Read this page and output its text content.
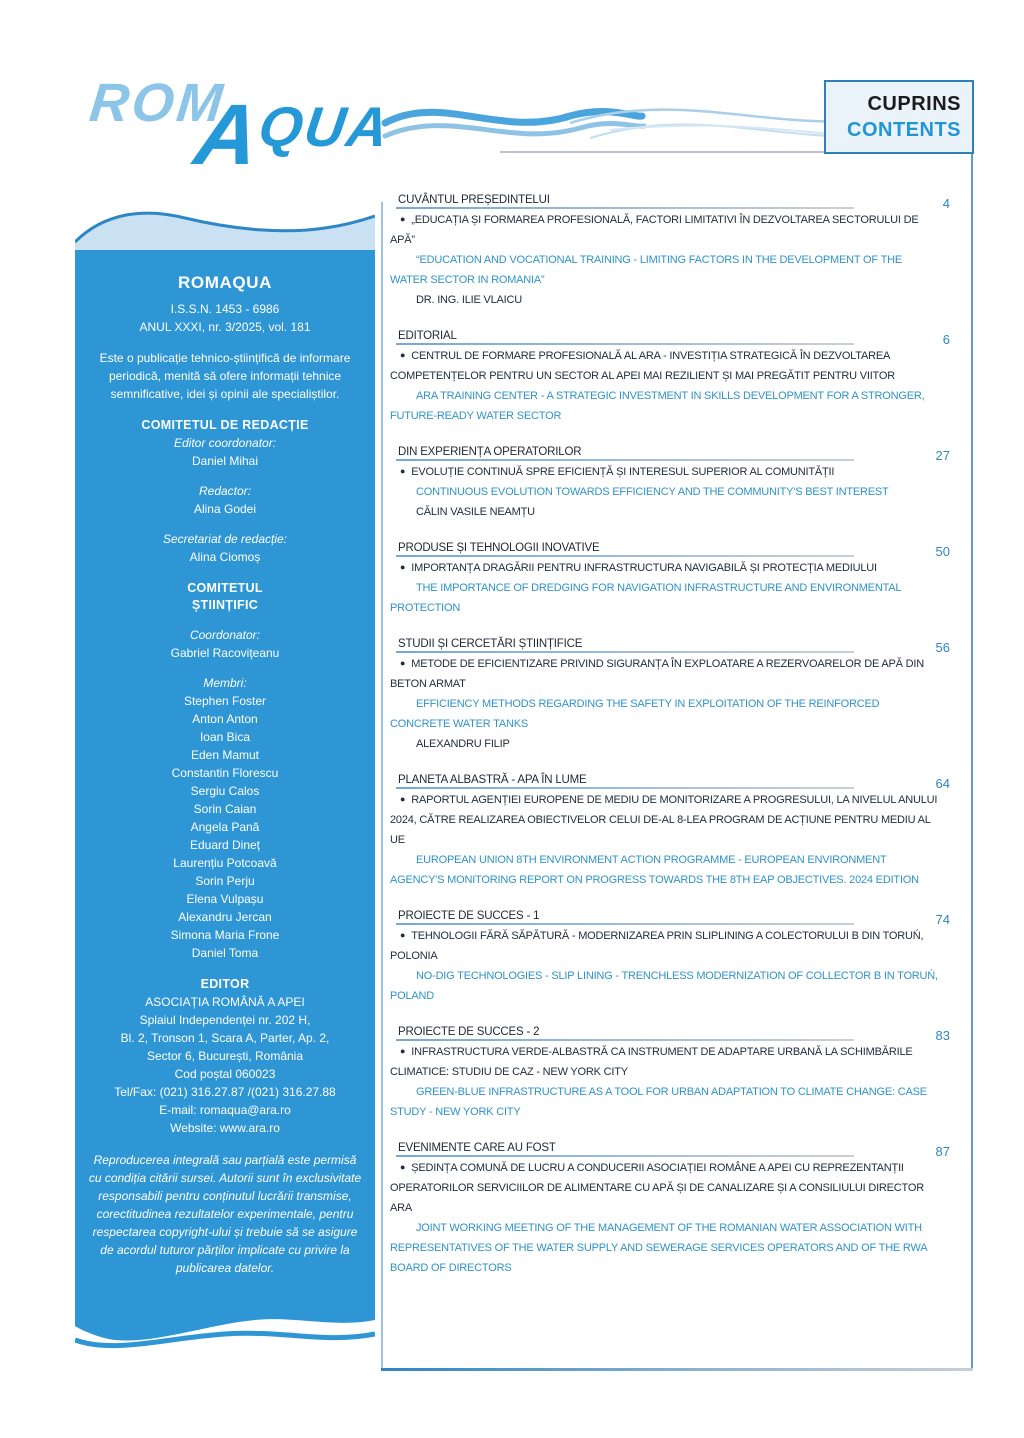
ROM
AQUA	CUPRINS
CONTENTS
ROMAQUA
I.S.S.N. 1453 - 6986
ANUL XXXI, nr. 3/2025, vol. 181
Este o publicație tehnico-științifică de informare periodică, menită să ofere informații tehnice semnificative, idei și opinii ale specialiștilor.
COMITETUL DE REDACȚIE
Editor coordonator:
Daniel Mihai
Redactor:
Alina Godei
Secretariat de redacție:
Alina Ciomoș
COMITETUL
ȘTIINȚIFIC
Coordonator:
Gabriel Racovițeanu
Membri:
Stephen Foster
Anton Anton
Ioan Bica
Eden Mamut
Constantin Florescu
Sergiu Calos
Sorin Caian
Angela Pană
Eduard Dineț
Laurențiu Potcoavă
Sorin Perju
Elena Vulpașu
Alexandru Jercan
Simona Maria Frone
Daniel Toma
EDITOR
ASOCIAȚIA ROMÂNĂ A APEI
Splaiul Independenței nr. 202 H,
Bl. 2, Tronson 1, Scara A, Parter, Ap. 2,
Sector 6, București, România
Cod poștal 060023
Tel/Fax: (021) 316.27.87 /(021) 316.27.88
E-mail: romaqua@ara.ro
Website: www.ara.ro
Reproducerea integrală sau parțială este permisă cu condiția citării sursei. Autorii sunt în exclusivitate responsabili pentru conținutul lucrării transmise, corectitudinea rezultatelor experimentale, pentru respectarea copyright-ului și trebuie să se asigure de acordul tuturor părților implicate cu privire la publicarea datelor.
CUVÂNTUL PREȘEDINTELUI	4

● „EDUCAȚIA ȘI FORMAREA PROFESIONALĂ, FACTORI LIMITATIVI ÎN DEZVOLTAREA SECTORULUI DE APĂ”

“EDUCATION AND VOCATIONAL TRAINING - LIMITING FACTORS IN THE DEVELOPMENT OF THE WATER SECTOR IN ROMANIA”

DR. ING. ILIE VLAICU

EDITORIAL	6

● CENTRUL DE FORMARE PROFESIONALĂ AL ARA - INVESTIȚIA STRATEGICĂ ÎN DEZVOLTAREA COMPETENȚELOR PENTRU UN SECTOR AL APEI MAI REZILIENT ȘI MAI PREGĂTIT PENTRU VIITOR

ARA TRAINING CENTER - A STRATEGIC INVESTMENT IN SKILLS DEVELOPMENT FOR A STRONGER, FUTURE-READY WATER SECTOR

DIN EXPERIENȚA OPERATORILOR	27

● EVOLUȚIE CONTINUĂ SPRE EFICIENȚĂ ȘI INTERESUL SUPERIOR AL COMUNITĂȚII

CONTINUOUS EVOLUTION TOWARDS EFFICIENCY AND THE COMMUNITY'S BEST INTEREST

CĂLIN VASILE NEAMȚU

PRODUSE ȘI TEHNOLOGII INOVATIVE	50

● IMPORTANȚA DRAGĂRII PENTRU INFRASTRUCTURA NAVIGABILĂ ȘI PROTECȚIA MEDIULUI

THE IMPORTANCE OF DREDGING FOR NAVIGATION INFRASTRUCTURE AND ENVIRONMENTAL PROTECTION

STUDII ȘI CERCETĂRI ȘTIINȚIFICE	56

● METODE DE EFICIENTIZARE PRIVIND SIGURANȚA ÎN EXPLOATARE A REZERVOARELOR DE APĂ DIN BETON ARMAT

EFFICIENCY METHODS REGARDING THE SAFETY IN EXPLOITATION OF THE REINFORCED CONCRETE WATER TANKS

ALEXANDRU FILIP

PLANETA ALBASTRĂ - APA ÎN LUME	64

● RAPORTUL AGENȚIEI EUROPENE DE MEDIU DE MONITORIZARE A PROGRESULUI, LA NIVELUL ANULUI 2024, CĂTRE REALIZAREA OBIECTIVELOR CELUI DE-AL 8-LEA PROGRAM DE ACȚIUNE PENTRU MEDIU AL UE

EUROPEAN UNION 8TH ENVIRONMENT ACTION PROGRAMME - EUROPEAN ENVIRONMENT AGENCY'S MONITORING REPORT ON PROGRESS TOWARDS THE 8TH EAP OBJECTIVES. 2024 EDITION

PROIECTE DE SUCCES - 1	74

● TEHNOLOGII FĂRĂ SĂPĂTURĂ - MODERNIZAREA PRIN SLIPLINING A COLECTORULUI B DIN TORUŃ, POLONIA

NO-DIG TECHNOLOGIES - SLIP LINING - TRENCHLESS MODERNIZATION OF COLLECTOR B IN TORUŃ, POLAND

PROIECTE DE SUCCES - 2	83

● INFRASTRUCTURA VERDE-ALBASTRĂ CA INSTRUMENT DE ADAPTARE URBANĂ LA SCHIMBĂRILE CLIMATICE: STUDIU DE CAZ - NEW YORK CITY

GREEN-BLUE INFRASTRUCTURE AS A TOOL FOR URBAN ADAPTATION TO CLIMATE CHANGE: CASE STUDY - NEW YORK CITY

EVENIMENTE CARE AU FOST	87

● ȘEDINȚA COMUNĂ DE LUCRU A CONDUCERII ASOCIAȚIEI ROMÂNE A APEI CU REPREZENTANȚII OPERATORILOR SERVICIILOR DE ALIMENTARE CU APĂ ȘI DE CANALIZARE ȘI A CONSILIULUI DIRECTOR ARA

JOINT WORKING MEETING OF THE MANAGEMENT OF THE ROMANIAN WATER ASSOCIATION WITH REPRESENTATIVES OF THE WATER SUPPLY AND SEWERAGE SERVICES OPERATORS AND OF THE RWA BOARD OF DIRECTORS
